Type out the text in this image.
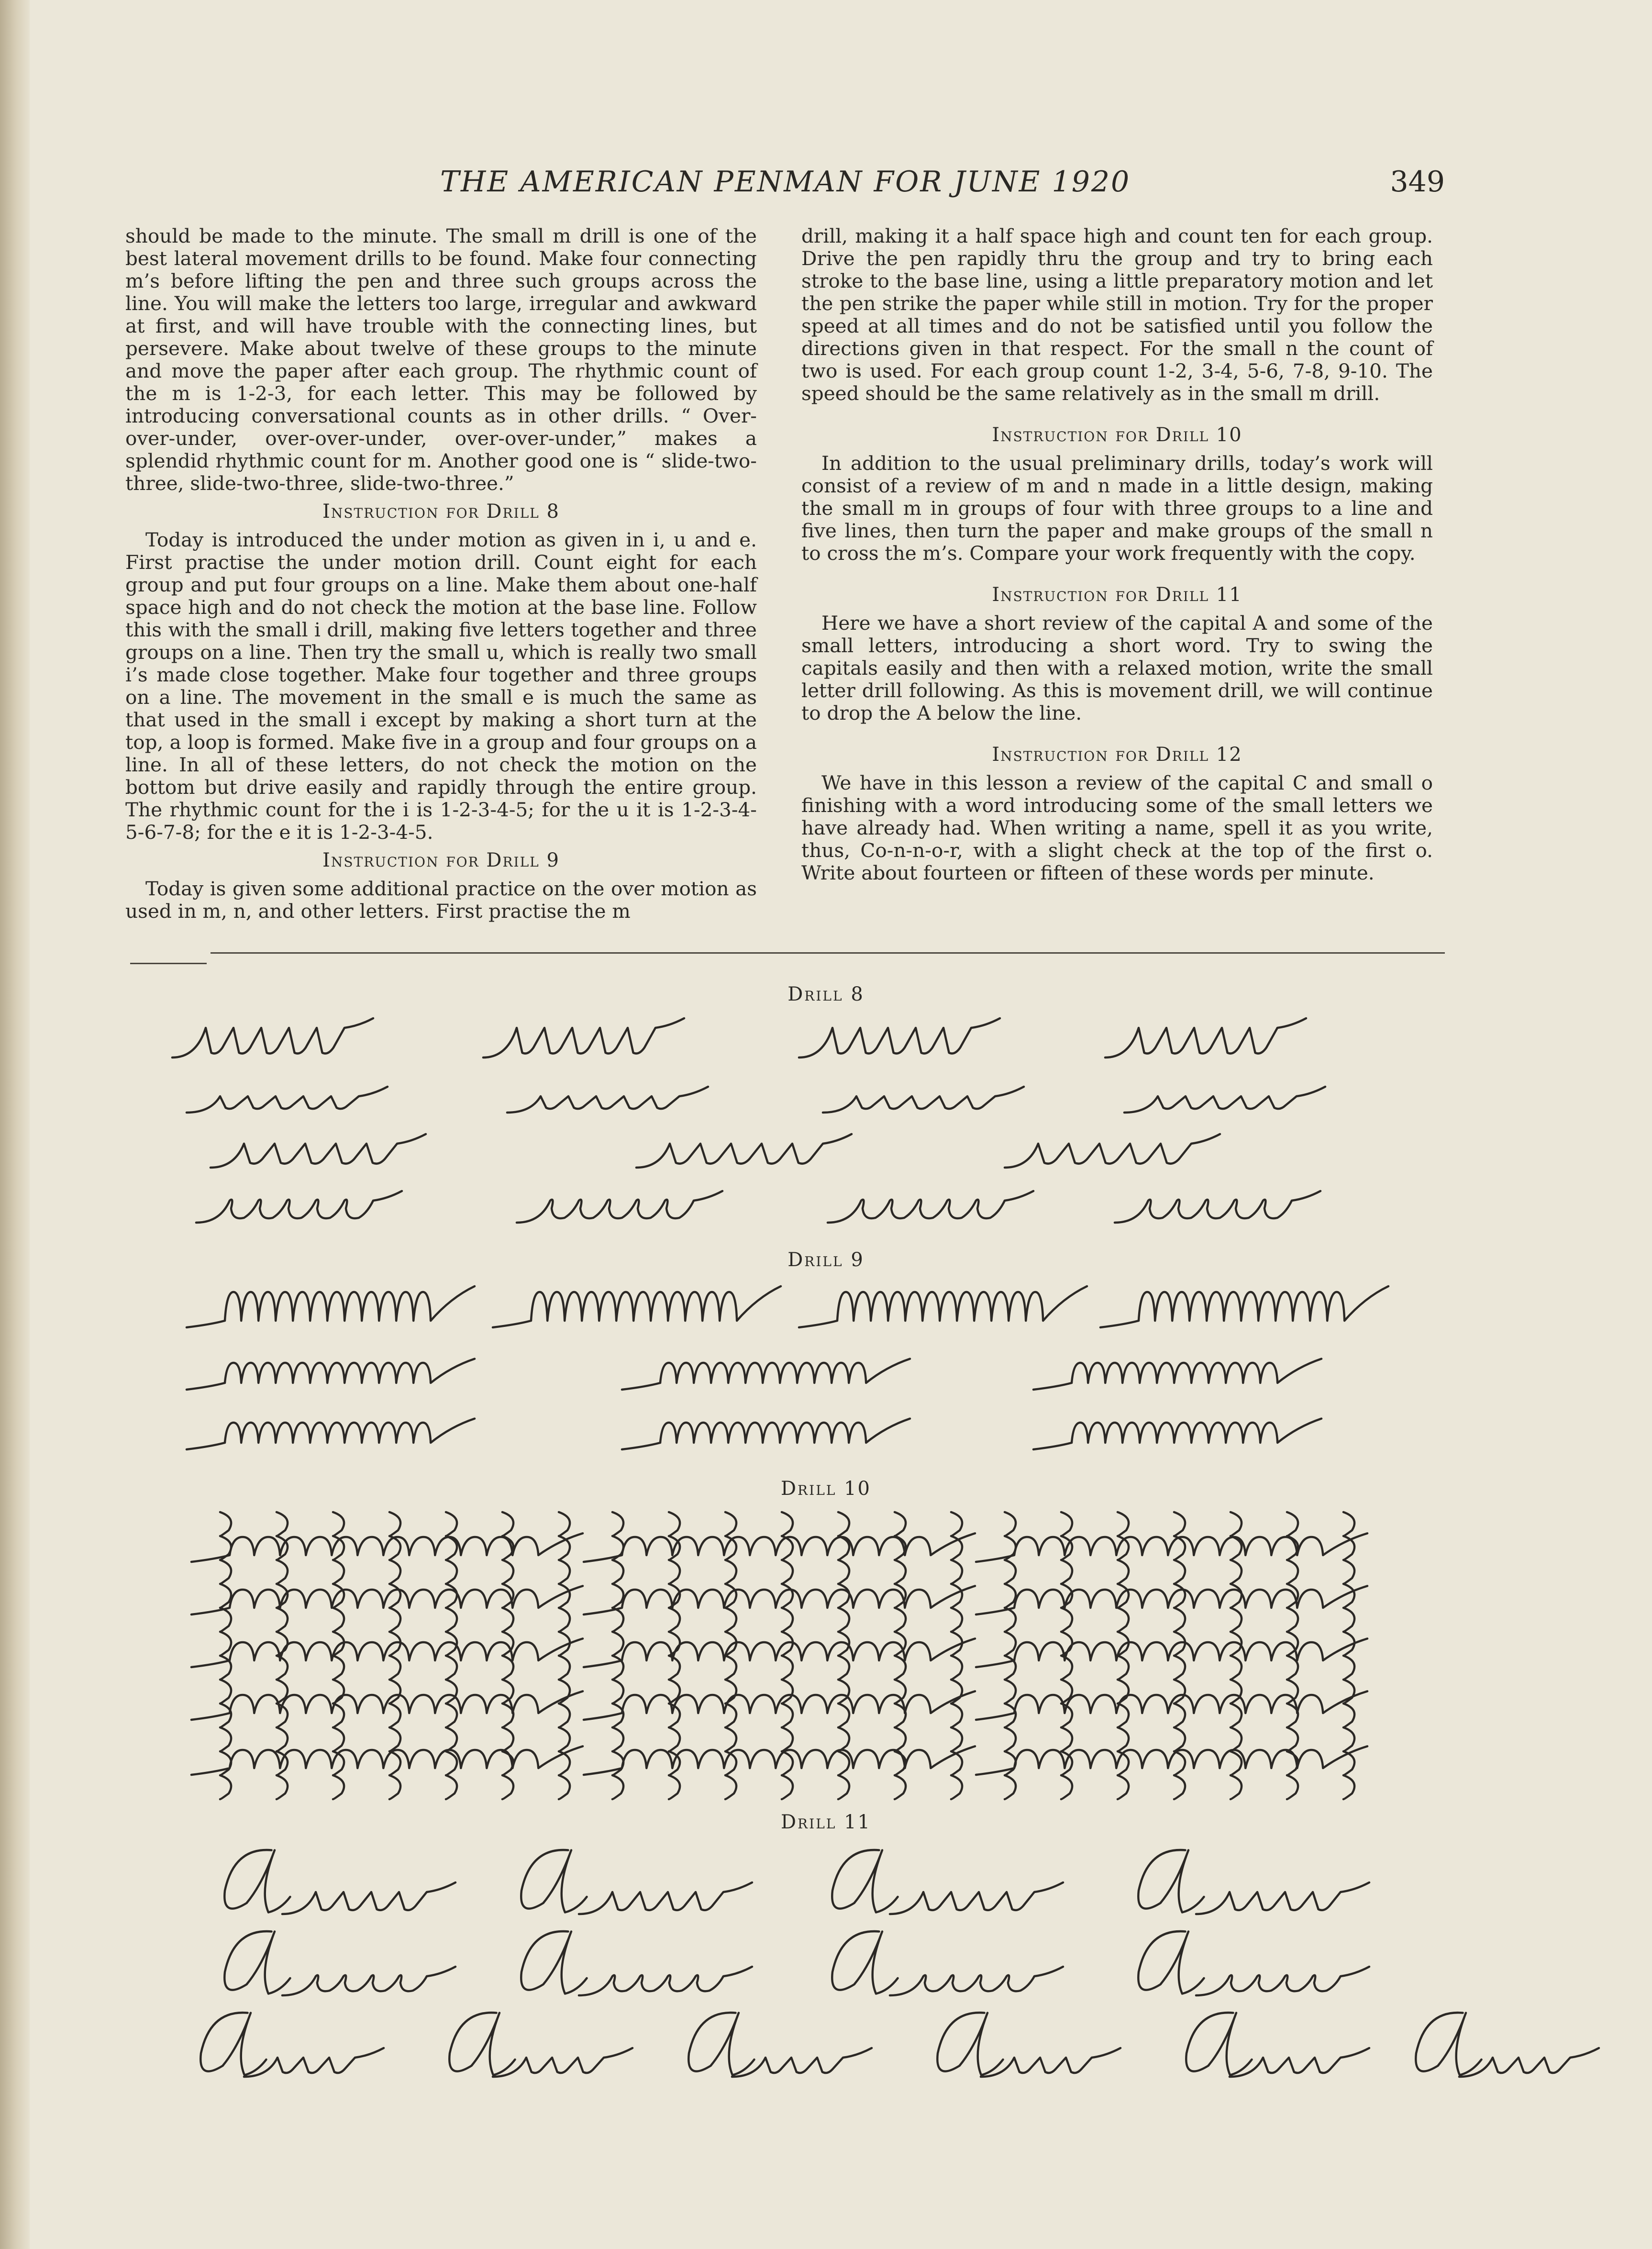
THE AMERICAN PENMAN FOR JUNE 1920	349

should be made to the minute. The small m drill is one of the best lateral movement drills to be found. Make four connecting m’s before lifting the pen and three such groups across the line. You will make the letters too large, irregular and awkward at first, and will have trouble with the connecting lines, but persevere. Make about twelve of these groups to the minute and move the paper after each group. The rhythmic count of the m is 1-2-3, for each letter. This may be followed by introducing conversational counts as in other drills. “ Over-over-under, over-over-under, over-over-under,” makes a splendid rhythmic count for m. Another good one is “ slide-two-three, slide-two-three, slide-two-three.”

Instruction for Drill 8

Today is introduced the under motion as given in i, u and e. First practise the under motion drill. Count eight for each group and put four groups on a line. Make them about one-half space high and do not check the motion at the base line. Follow this with the small i drill, making five letters together and three groups on a line. Then try the small u, which is really two small i’s made close together. Make four together and three groups on a line. The movement in the small e is much the same as that used in the small i except by making a short turn at the top, a loop is formed. Make five in a group and four groups on a line. In all of these letters, do not check the motion on the bottom but drive easily and rapidly through the entire group. The rhythmic count for the i is 1-2-3-4-5; for the u it is 1-2-3-4-5-6-7-8; for the e it is 1-2-3-4-5.

Instruction for Drill 9

Today is given some additional practice on the over motion as used in m, n, and other letters. First practise the m

drill, making it a half space high and count ten for each group. Drive the pen rapidly thru the group and try to bring each stroke to the base line, using a little preparatory motion and let the pen strike the paper while still in motion. Try for the proper speed at all times and do not be satisfied until you follow the directions given in that respect. For the small n the count of two is used. For each group count 1-2, 3-4, 5-6, 7-8, 9-10. The speed should be the same relatively as in the small m drill.

Instruction for Drill 10

In addition to the usual preliminary drills, today’s work will consist of a review of m and n made in a little design, making the small m in groups of four with three groups to a line and five lines, then turn the paper and make groups of the small n to cross the m’s. Compare your work frequently with the copy.

Instruction for Drill 11

Here we have a short review of the capital A and some of the small letters, introducing a short word. Try to swing the capitals easily and then with a relaxed motion, write the small letter drill following. As this is movement drill, we will continue to drop the A below the line.

Instruction for Drill 12

We have in this lesson a review of the capital C and small o finishing with a word introducing some of the small letters we have already had. When writing a name, spell it as you write, thus, Co-n-n-o-r, with a slight check at the top of the first o. Write about fourteen or fifteen of these words per minute.

Drill 8
Drill 9
Drill 10
Drill 11
